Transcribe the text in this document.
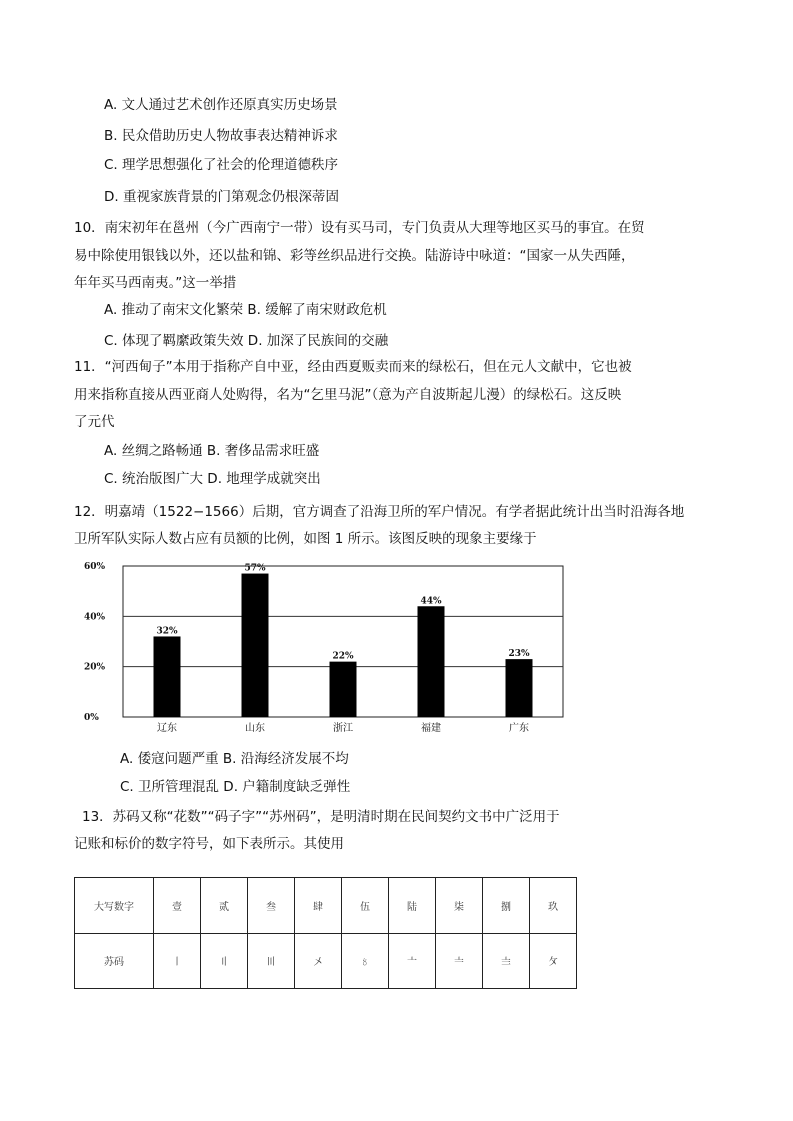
A. 文人通过艺术创作还原真实历史场景
B. 民众借助历史人物故事表达精神诉求
C. 理学思想强化了社会的伦理道德秩序
D. 重视家族背景的门第观念仍根深蒂固
10．南宋初年在邕州（今广西南宁一带）设有买马司，专门负责从大理等地区买马的事宜。在贸
易中除使用银钱以外，还以盐和锦、彩等丝织品进行交换。陆游诗中咏道：“国家一从失西陲，
年年买马西南夷。”这一举措
A. 推动了南宋文化繁荣 B. 缓解了南宋财政危机
C. 体现了羁縻政策失效 D. 加深了民族间的交融
11．“河西甸子”本用于指称产自中亚，经由西夏贩卖而来的绿松石，但在元人文献中，它也被
用来指称直接从西亚商人处购得，名为“乞里马泥”（意为产自波斯起儿漫）的绿松石。这反映
了元代
A. 丝绸之路畅通 B. 奢侈品需求旺盛
C. 统治版图广大 D. 地理学成就突出
12．明嘉靖（1522−1566）后期，官方调查了沿海卫所的军户情况。有学者据此统计出当时沿海各地
卫所军队实际人数占应有员额的比例，如图 1 所示。该图反映的现象主要缘于
0%
20%
40%
60%
32%
辽东
57%
山东
22%
浙江
44%
福建
23%
广东
A. 倭寇问题严重 B. 沿海经济发展不均
C. 卫所管理混乱 D. 户籍制度缺乏弹性
13．苏码又称“花数”“码子字”“苏州码”，是明清时期在民间契约文书中广泛用于
记账和标价的数字符号，如下表所示。其使用
大写数字	壹	贰	叁	肆	伍	陆	柒	捌	玖
苏码	〡	〢	〣	〤	〥	〦	〧	〨	〩
